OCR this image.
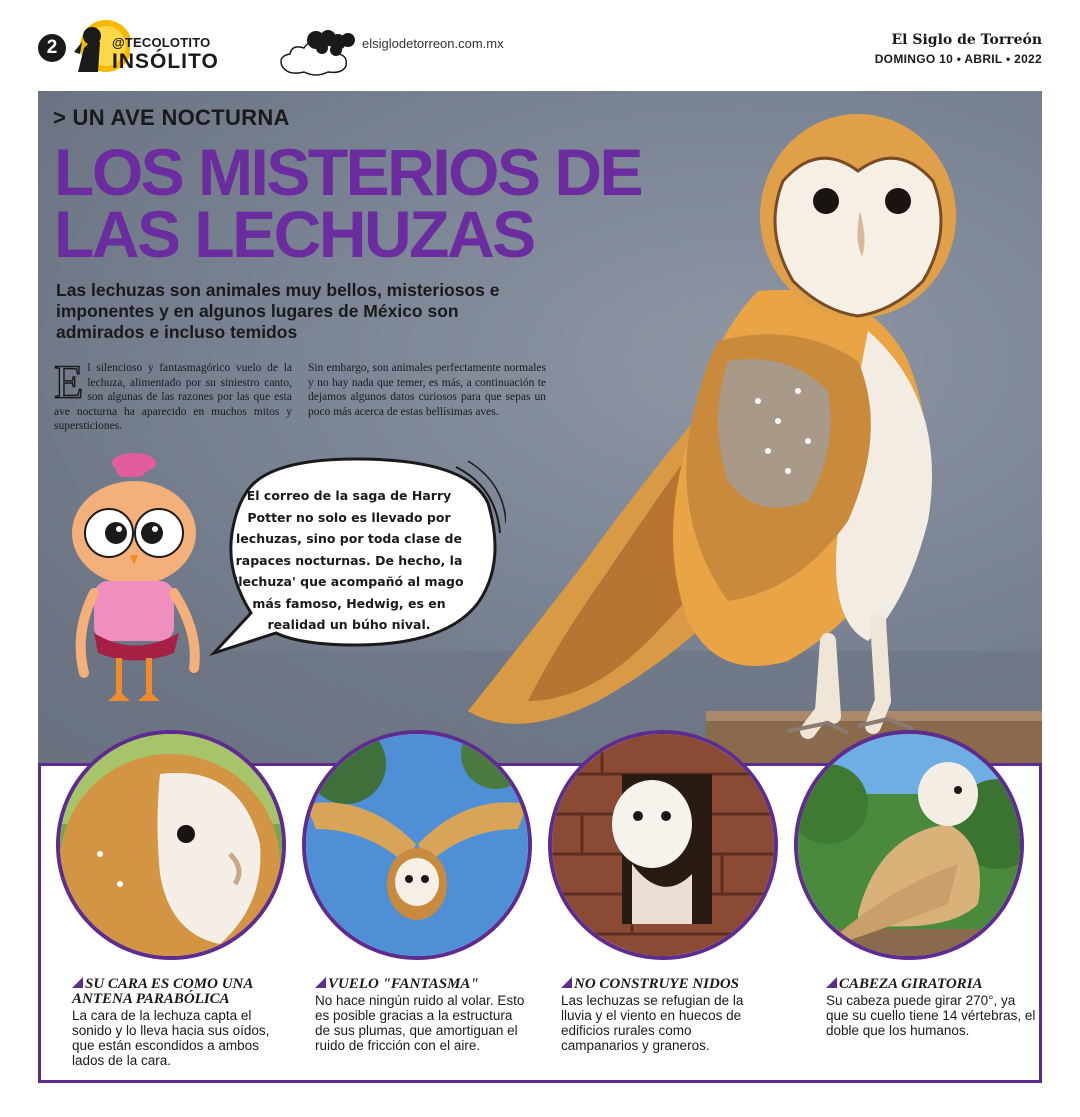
2	@TECOLOTITO
INSÓLITO
elsiglodetorreon.com.mx	El Siglo de Torreón
DOMINGO 10 • ABRIL • 2022
> UN AVE NOCTURNA
LOS MISTERIOS DE LAS LECHUZAS
Las lechuzas son animales muy bellos, misteriosos e imponentes y en algunos lugares de México son admirados e incluso temidos
El silencioso y fantasmagórico vuelo de la lechuza, alimentado por su siniestro canto, son algunas de las razones por las que esta ave nocturna ha aparecido en muchos mitos y supersticiones.
Sin embargo, son animales perfectamente normales y no hay nada que temer, es más, a continuación te dejamos algunos datos curiosos para que sepas un poco más acerca de estas bellísimas aves.
El correo de la saga de Harry Potter no solo es llevado por lechuzas, sino por toda clase de rapaces nocturnas. De hecho, la 'lechuza' que acompañó al mago más famoso, Hedwig, es en realidad un búho nival.
SU CARA ES COMO UNA ANTENA PARABÓLICA
La cara de la lechuza capta el sonido y lo lleva hacia sus oídos, que están escondidos a ambos lados de la cara.
VUELO "FANTASMA"
No hace ningún ruido al volar. Esto es posible gracias a la estructura de sus plumas, que amortiguan el ruido de fricción con el aire.
NO CONSTRUYE NIDOS
Las lechuzas se refugian de la lluvia y el viento en huecos de edificios rurales como campanarios y graneros.
CABEZA GIRATORIA
Su cabeza puede girar 270°, ya que su cuello tiene 14 vértebras, el doble que los humanos.
